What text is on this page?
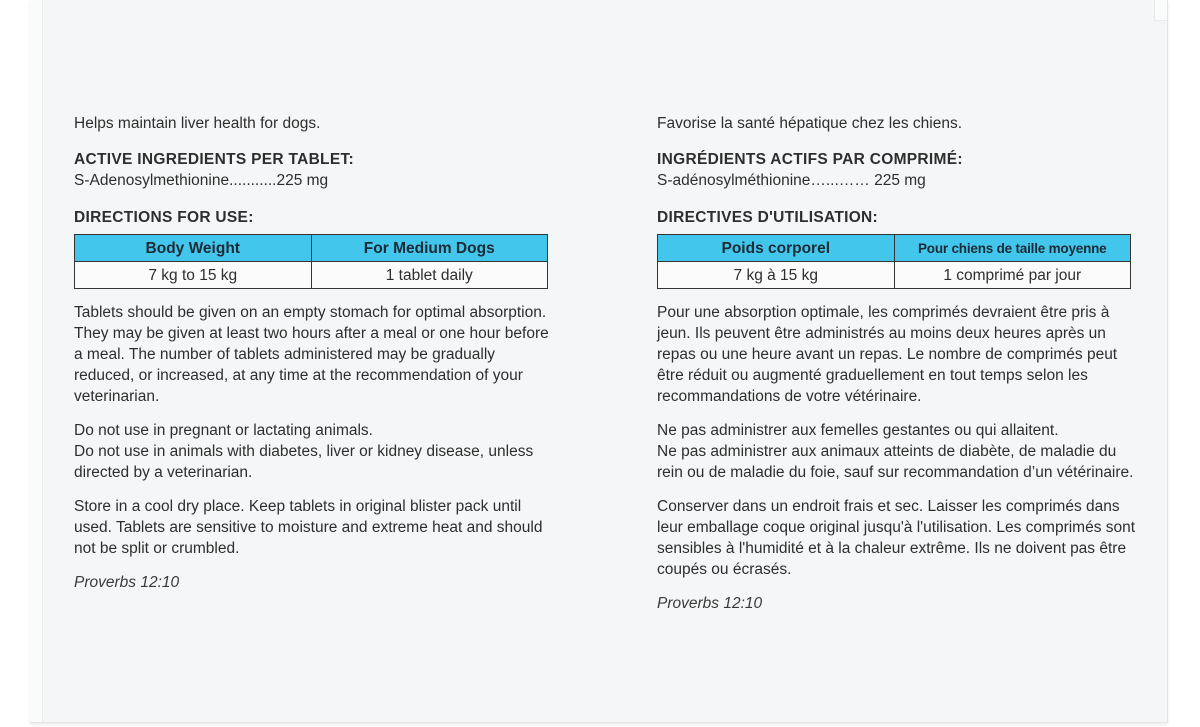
Helps maintain liver health for dogs.

ACTIVE INGREDIENTS PER TABLET:

S-Adenosylmethionine...........225 mg

DIRECTIONS FOR USE:

Body Weight	For Medium Dogs
7 kg to 15 kg	1 tablet daily

Tablets should be given on an empty stomach for optimal absorption. They may be given at least two hours after a meal or one hour before a meal. The number of tablets administered may be gradually reduced, or increased, at any time at the recommendation of your veterinarian.

Do not use in pregnant or lactating animals.

Do not use in animals with diabetes, liver or kidney disease, unless directed by a veterinarian.

Store in a cool dry place. Keep tablets in original blister pack until used. Tablets are sensitive to moisture and extreme heat and should not be split or crumbled.

Proverbs 12:10

Favorise la santé hépatique chez les chiens.

INGRÉDIENTS ACTIFS PAR COMPRIMÉ:

S-adénosylméthionine…...…… 225 mg

DIRECTIVES D'UTILISATION:

Poids corporel	Pour chiens de taille moyenne
7 kg à 15 kg	1 comprimé par jour

Pour une absorption optimale, les comprimés devraient être pris à jeun. Ils peuvent être administrés au moins deux heures après un repas ou une heure avant un repas. Le nombre de comprimés peut être réduit ou augmenté graduellement en tout temps selon les recommandations de votre vétérinaire.

Ne pas administrer aux femelles gestantes ou qui allaitent.

Ne pas administrer aux animaux atteints de diabète, de maladie du rein ou de maladie du foie, sauf sur recommandation d’un vétérinaire.

Conserver dans un endroit frais et sec. Laisser les comprimés dans leur emballage coque original jusqu'à l'utilisation. Les comprimés sont sensibles à l'humidité et à la chaleur extrême. Ils ne doivent pas être coupés ou écrasés.

Proverbs 12:10
